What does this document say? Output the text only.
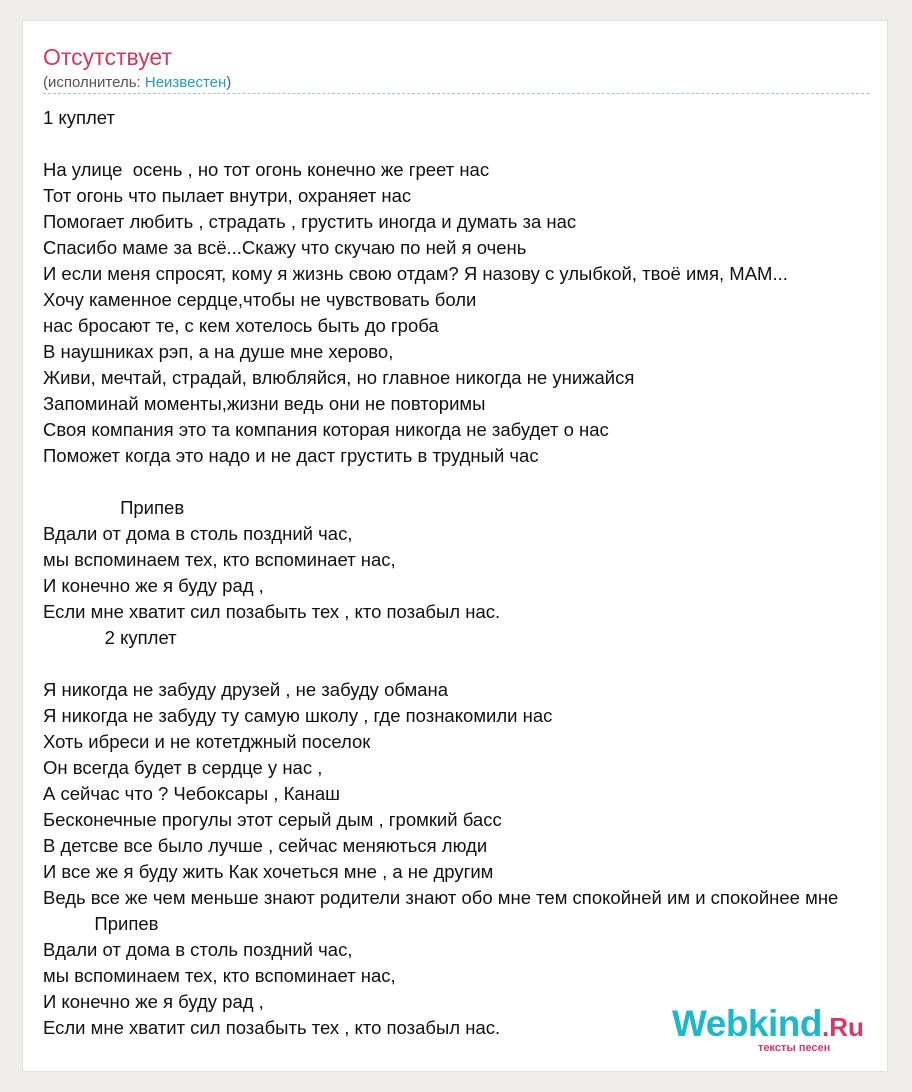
Отсутствует
(исполнитель: Неизвестен)
1 куплет
На улице  осень , но тот огонь конечно же греет нас
Тот огонь что пылает внутри, охраняет нас
Помогает любить , страдать , грустить иногда и думать за нас
Спасибо маме за всё...Скажу что скучаю по ней я очень
И если меня спросят, кому я жизнь свою отдам? Я назову с улыбкой, твоё имя, МАМ...
Хочу каменное сердце,чтобы не чувствовать боли
нас бросают те, с кем хотелось быть до гроба
В наушниках рэп, а на душе мне херово,
Живи, мечтай, страдай, влюбляйся, но главное никогда не унижайся
Запоминай моменты,жизни ведь они не повторимы
Своя компания это та компания которая никогда не забудет о нас
Поможет когда это надо и не даст грустить в трудный час
Припев
Вдали от дома в столь поздний час,
мы вспоминаем тех, кто вспоминает нас,
И конечно же я буду рад ,
Если мне хватит сил позабыть тех , кто позабыл нас.
2 куплет
Я никогда не забуду друзей , не забуду обмана
Я никогда не забуду ту самую школу , где познакомили нас
Хоть ибреси и не котетджный поселок
Он всегда будет в сердце у нас ,
А сейчас что ? Чебоксары , Канаш
Бесконечные прогулы этот серый дым , громкий басс
В детсве все было лучше , сейчас меняються люди
И все же я буду жить Как хочеться мне , а не другим
Ведь все же чем меньше знают родители знают обо мне тем спокойней им и спокойнее мне
Припев
Вдали от дома в столь поздний час,
мы вспоминаем тех, кто вспоминает нас,
И конечно же я буду рад ,
Если мне хватит сил позабыть тех , кто позабыл нас.	Webkind.Ru
тексты песен
